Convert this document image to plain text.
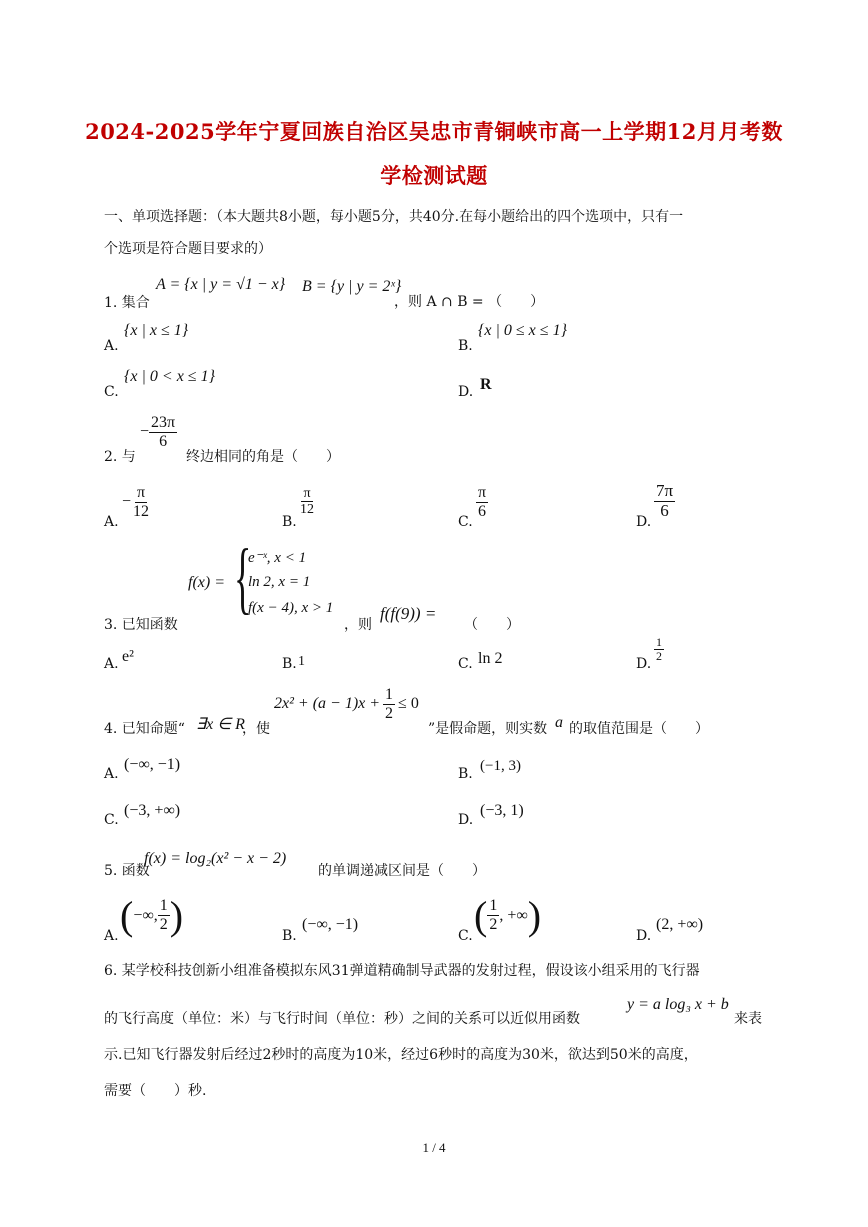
2024-2025学年宁夏回族自治区吴忠市青铜峡市高一上学期12月月考数
学检测试题
一、单项选择题：（本大题共8小题，每小题5分，共40分.在每小题给出的四个选项中，只有一
个选项是符合题目要求的）
1. 集合
A = {x | y = √1 − x} B = {y | y = 2ˣ}
，则 A ∩ B = （　　）
A.
{x | x ≤ 1}
B.
{x | 0 ≤ x ≤ 1}
C.
{x | 0 < x ≤ 1}
D. R
2. 与
− $\frac{23\pi}{6}$
终边相同的角是（　　）
A.
− $\frac{\pi}{12}$
B.
$\frac{\pi}{12}$
C.
$\frac{\pi}{6}$
D.
$\frac{7\pi}{6}$
3. 已知函数
f(x) = {
e⁻ˣ, x < 1
ln 2, x = 1
f(x − 4), x > 1
，则
f(f(9)) =
（　　）
A. e²	B. 1	C. ln 2	D.
$\frac{1}{2}$
4. 已知命题“ ∃x ∈ R
，使
$2x^2 + (a - 1)x + \frac{1}{2} \le 0$
”是假命题，则实数 a 的取值范围是（　　）
A.
(−∞, −1)
B. (−1, 3)
C.
(−3, +∞)
D.
(−3, 1)
5. 函数
f(x) = log₂(x² − x − 2)
的单调递减区间是（　　）
A. ( −∞, $\frac{1}{2}$ )	B.
(−∞, −1)
C. ( $\frac{1}{2}$ , +∞ )	D.
(2, +∞)
6. 某学校科技创新小组准备模拟东风31弹道精确制导武器的发射过程，假设该小组采用的飞行器
的飞行高度（单位：米）与飞行时间（单位：秒）之间的关系可以近似用函数
y = a log₃ x + b
来表
示.已知飞行器发射后经过2秒时的高度为10米，经过6秒时的高度为30米，欲达到50米的高度，
需要（　　）秒.
1 / 4
